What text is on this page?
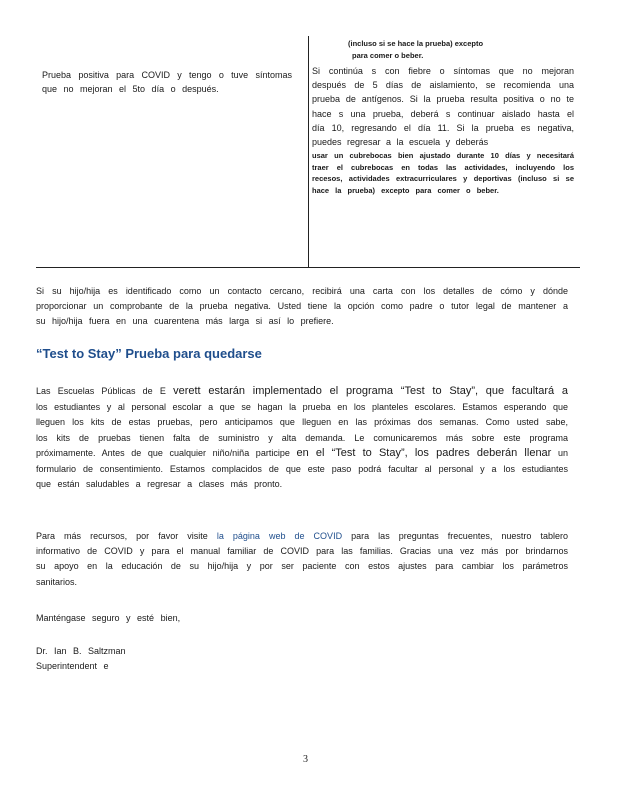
Prueba positiva para COVID y tengo o tuve síntomas que no mejoran el 5to día o después.
(incluso si se hace la prueba) excepto
para comer o beber.
Si continúa s con fiebre o síntomas que no mejoran después de 5 días de aislamiento, se recomienda una prueba de antígenos. Si la prueba resulta positiva o no te hace s una prueba, deberá s continuar aislado hasta el día 10, regresando el día 11. Si la prueba es negativa, puedes regresar a la escuela y deberás
usar un cubrebocas bien ajustado durante 10 días y necesitará traer el cubrebocas en todas las actividades, incluyendo los recesos, actividades extracurriculares y deportivas (incluso si se hace la prueba) excepto para comer o beber.
Si su hijo/hija es identificado como un contacto cercano, recibirá una carta con los detalles de cómo y dónde proporcionar un comprobante de la prueba negativa. Usted tiene la opción como padre o tutor legal de mantener a su hijo/hija fuera en una cuarentena más larga si así lo prefiere.
“Test to Stay” Prueba para quedarse
Las Escuelas Públicas de E verett estarán implementado el programa “Test to Stay”, que facultará a los estudiantes y al personal escolar a que se hagan la prueba en los planteles escolares. Estamos esperando que lleguen los kits de estas pruebas, pero anticipamos que lleguen en las próximas dos semanas. Como usted sabe, los kits de pruebas tienen falta de suministro y alta demanda. Le comunicaremos más sobre este programa próximamente. Antes de que cualquier niño/niña participe en el “Test to Stay”, los padres deberán llenar un formulario de consentimiento. Estamos complacidos de que este paso podrá facultar al personal y a los estudiantes que están saludables a regresar a clases más pronto.
Para más recursos, por favor visite la página web de COVID para las preguntas frecuentes, nuestro tablero informativo de COVID y para el manual familiar de COVID para las familias. Gracias una vez más por brindarnos su apoyo en la educación de su hijo/hija y por ser paciente con estos ajustes para cambiar los parámetros sanitarios.
Manténgase seguro y esté bien,
Dr. Ian B. Saltzman
Superintendent e
3
